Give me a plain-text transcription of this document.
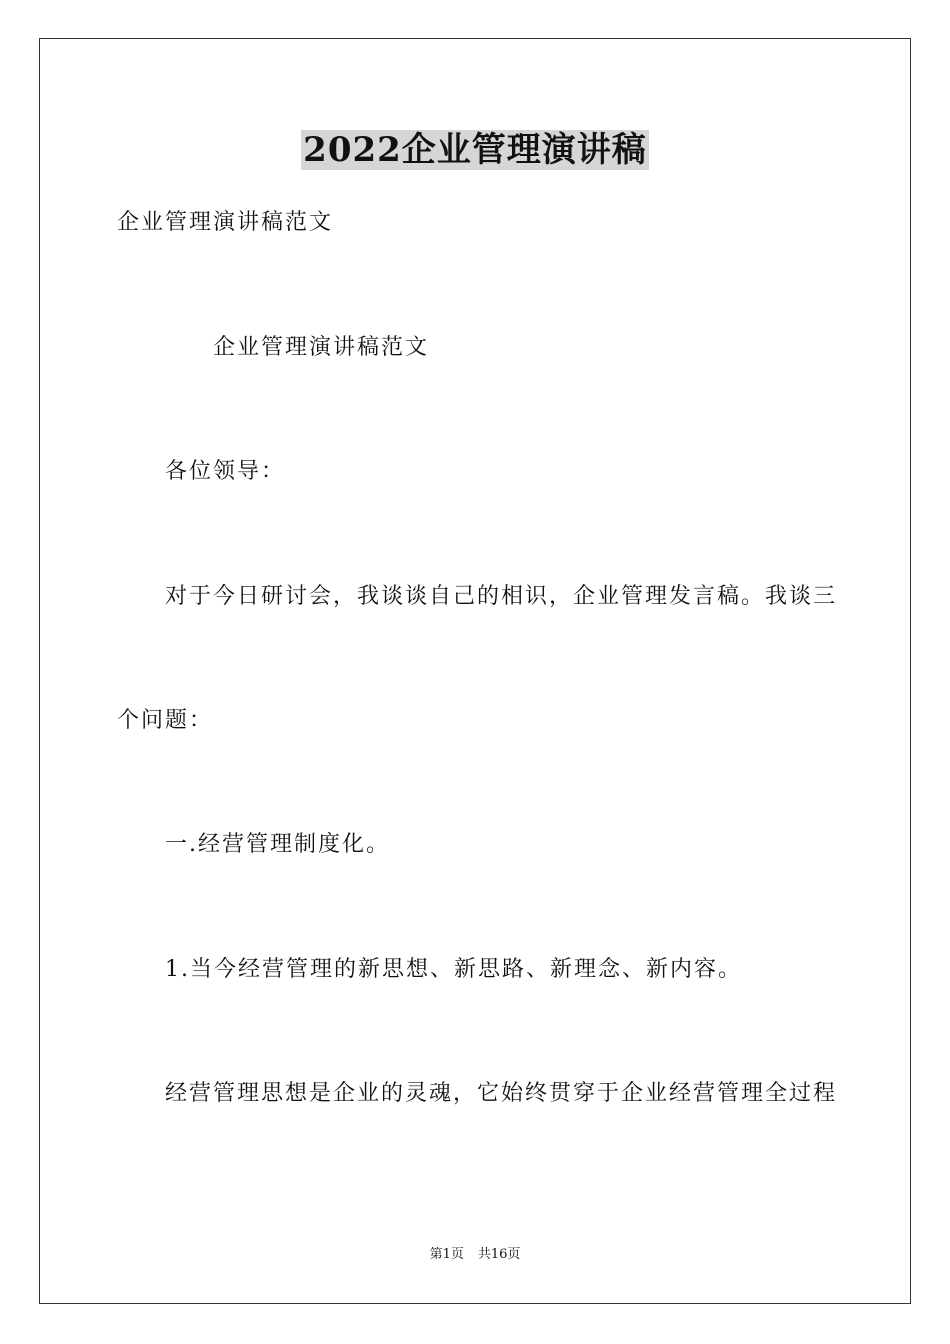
2022企业管理演讲稿
企业管理演讲稿范文
企业管理演讲稿范文
各位领导：
对于今日研讨会，我谈谈自己的相识，企业管理发言稿。我谈三
个问题：
一.经营管理制度化。
1.当今经营管理的新思想、新思路、新理念、新内容。
经营管理思想是企业的灵魂，它始终贯穿于企业经营管理全过程
第1页 共16页
